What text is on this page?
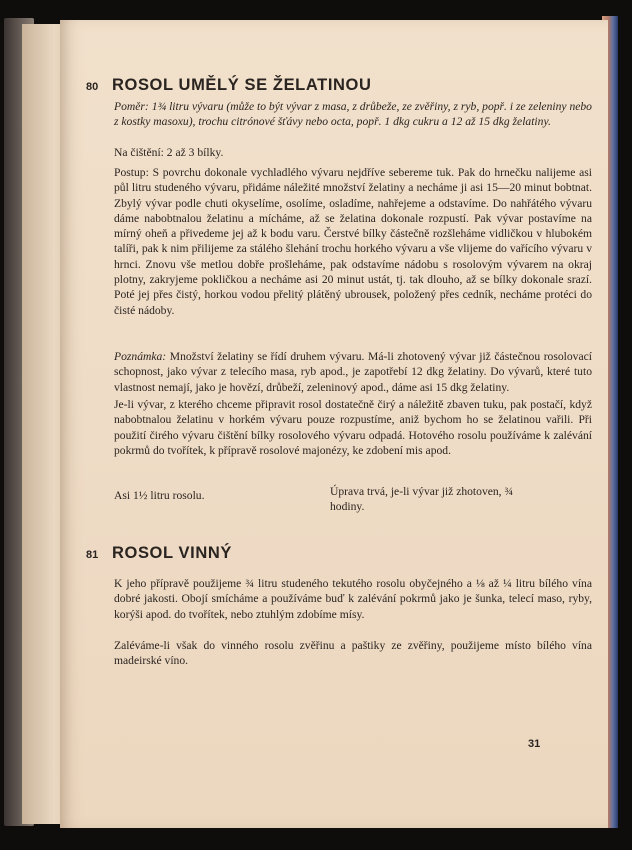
80 ROSOL UMĚLÝ SE ŽELATINOU
Poměr: 1¾ litru vývaru (může to být vývar z masa, z drůbeže, ze zvěřiny, z ryb, popř. i ze zeleniny nebo z kostky masoxu), trochu citrónové šťávy nebo octa, popř. 1 dkg cukru a 12 až 15 dkg želatiny.
Na čištění: 2 až 3 bílky.
Postup: S povrchu dokonale vychladlého vývaru nejdříve sebereme tuk. Pak do hrnečku nalijeme asi půl litru studeného vývaru, přidáme náležité množství želatiny a necháme ji asi 15—20 minut bobtnat. Zbylý vývar podle chuti okyselíme, osolíme, osladíme, nahřejeme a odstavíme. Do nahřátého vývaru dáme nabobtnalou želatinu a mícháme, až se želatina dokonale rozpustí. Pak vývar postavíme na mírný oheň a přivedeme jej až k bodu varu. Čerstvé bílky částečně rozšleháme vidličkou v hlubokém talíři, pak k nim přilijeme za stálého šlehání trochu horkého vývaru a vše vlijeme do vařícího vývaru v hrnci. Znovu vše metlou dobře prošleháme, pak odstavíme nádobu s rosolovým vývarem na okraj plotny, zakryjeme pokličkou a necháme asi 20 minut ustát, tj. tak dlouho, až se bílky dokonale srazí. Poté jej přes čistý, horkou vodou přelitý plátěný ubrousek, položený přes cedník, necháme protéci do čisté nádoby.
Poznámka: Množství želatiny se řídí druhem vývaru. Má-li zhotovený vývar již částečnou rosolovací schopnost, jako vývar z telecího masa, ryb apod., je zapotřebí 12 dkg želatiny. Do vývarů, které tuto vlastnost nemají, jako je hovězí, drůbeží, zeleninový apod., dáme asi 15 dkg želatiny.
Je-li vývar, z kterého chceme připravit rosol dostatečně čirý a náležitě zbaven tuku, pak postačí, když nabobtnalou želatinu v horkém vývaru pouze rozpustíme, aniž bychom ho se želatinou vařili. Při použití čirého vývaru čištění bílky rosolového vývaru odpadá. Hotového rosolu používáme k zalévání pokrmů do tvořítek, k přípravě rosolové majonézy, ke zdobení mis apod.
Asi 1½ litru rosolu.	Úprava trvá, je-li vývar již zhotoven, ¾ hodiny.
81 ROSOL VINNÝ
K jeho přípravě použijeme ¾ litru studeného tekutého rosolu obyčejného a ⅛ až ¼ litru bílého vína dobré jakosti. Obojí smícháme a používáme buď k zalévání pokrmů jako je šunka, telecí maso, ryby, korýši apod. do tvořítek, nebo ztuhlým zdobíme mísy.
Zaléváme-li však do vinného rosolu zvěřinu a paštiky ze zvěřiny, použijeme místo bílého vína madeirské víno.
31
